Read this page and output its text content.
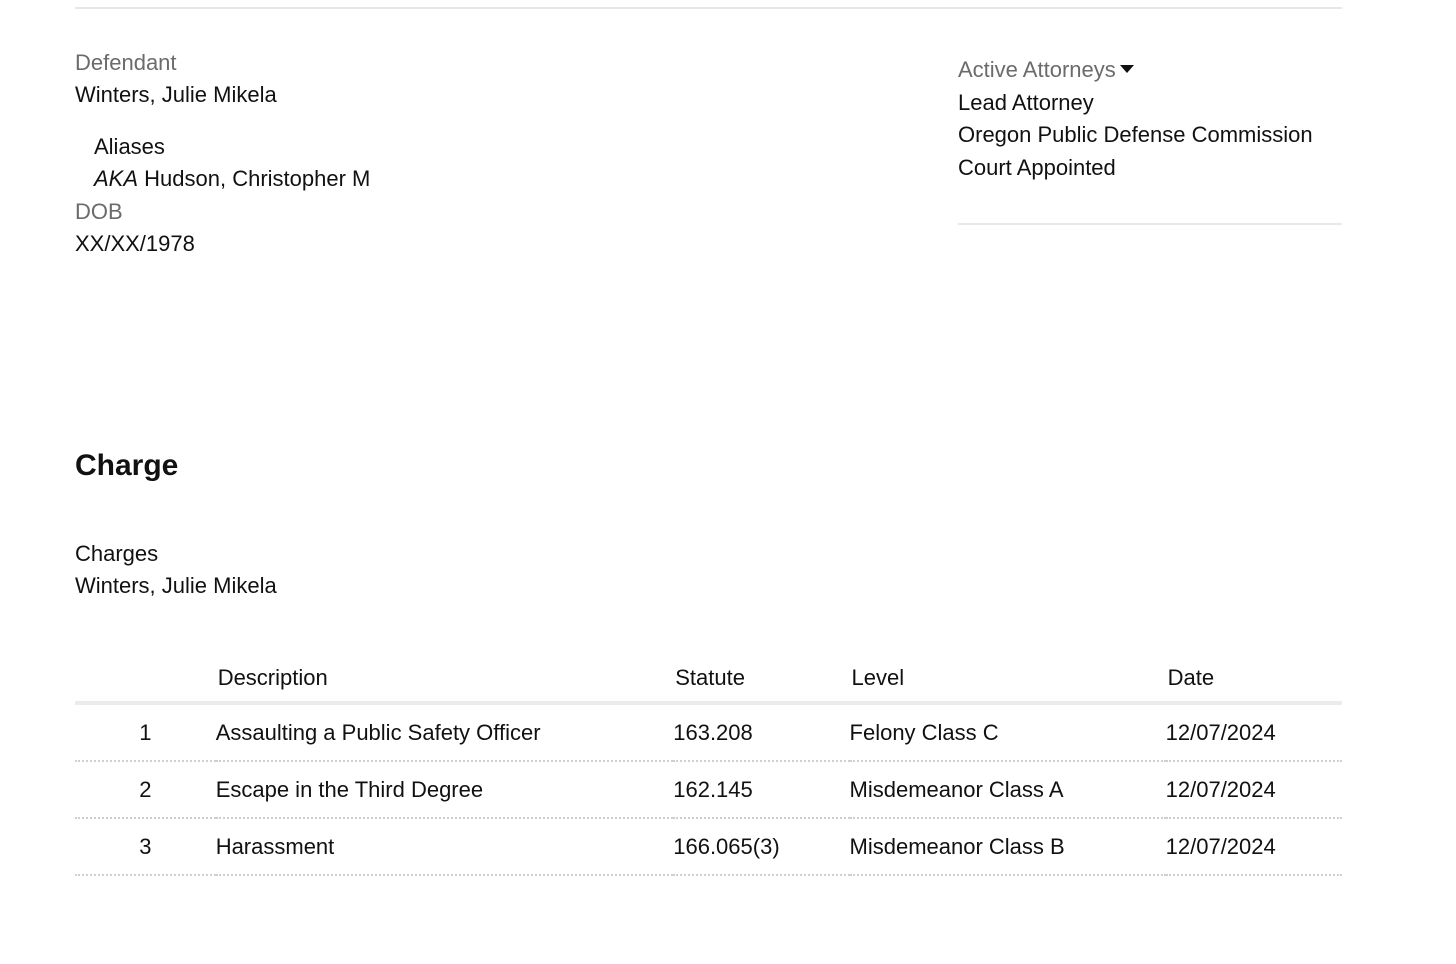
Defendant
Winters, Julie Mikela
Aliases
AKA Hudson, Christopher M
DOB
XX/XX/1978
Active Attorneys
Lead Attorney
Oregon Public Defense Commission
Court Appointed
Charge
Charges
Winters, Julie Mikela
	Description	Statute	Level	Date
1	Assaulting a Public Safety Officer	163.208	Felony Class C	12/07/2024
2	Escape in the Third Degree	162.145	Misdemeanor Class A	12/07/2024
3	Harassment	166.065(3)	Misdemeanor Class B	12/07/2024
